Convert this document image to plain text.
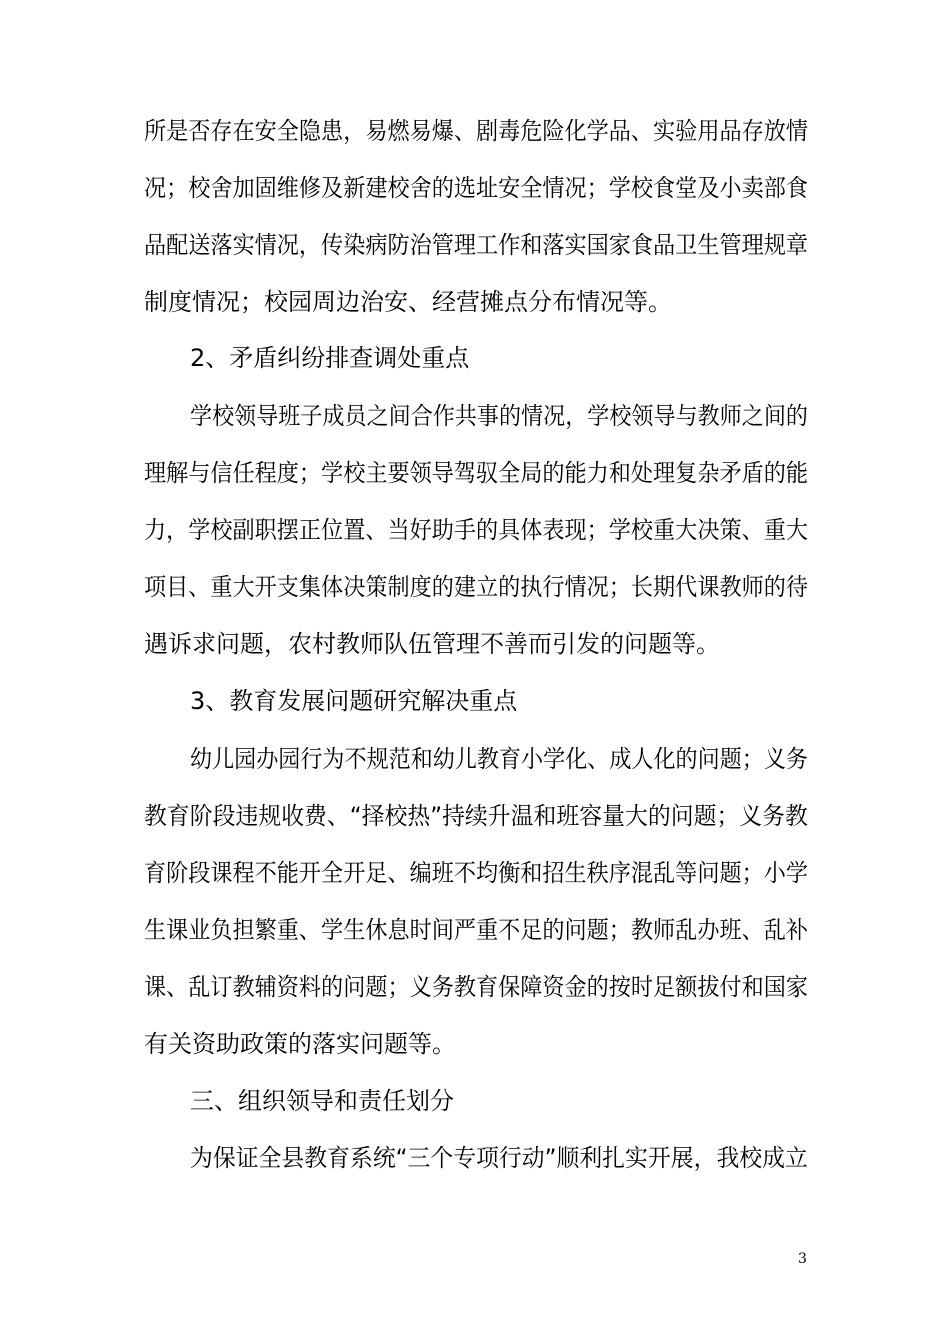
所是否存在安全隐患，易燃易爆、剧毒危险化学品、实验用品存放情
况；校舍加固维修及新建校舍的选址安全情况；学校食堂及小卖部食
品配送落实情况，传染病防治管理工作和落实国家食品卫生管理规章
制度情况；校园周边治安、经营摊点分布情况等。
2、矛盾纠纷排查调处重点
学校领导班子成员之间合作共事的情况，学校领导与教师之间的
理解与信任程度；学校主要领导驾驭全局的能力和处理复杂矛盾的能
力，学校副职摆正位置、当好助手的具体表现；学校重大决策、重大
项目、重大开支集体决策制度的建立的执行情况；长期代课教师的待
遇诉求问题，农村教师队伍管理不善而引发的问题等。
3、教育发展问题研究解决重点
幼儿园办园行为不规范和幼儿教育小学化、成人化的问题；义务
教育阶段违规收费、“择校热”持续升温和班容量大的问题；义务教
育阶段课程不能开全开足、编班不均衡和招生秩序混乱等问题；小学
生课业负担繁重、学生休息时间严重不足的问题；教师乱办班、乱补
课、乱订教辅资料的问题；义务教育保障资金的按时足额拔付和国家
有关资助政策的落实问题等。
三、组织领导和责任划分
为保证全县教育系统“三个专项行动”顺利扎实开展，我校成立
3
